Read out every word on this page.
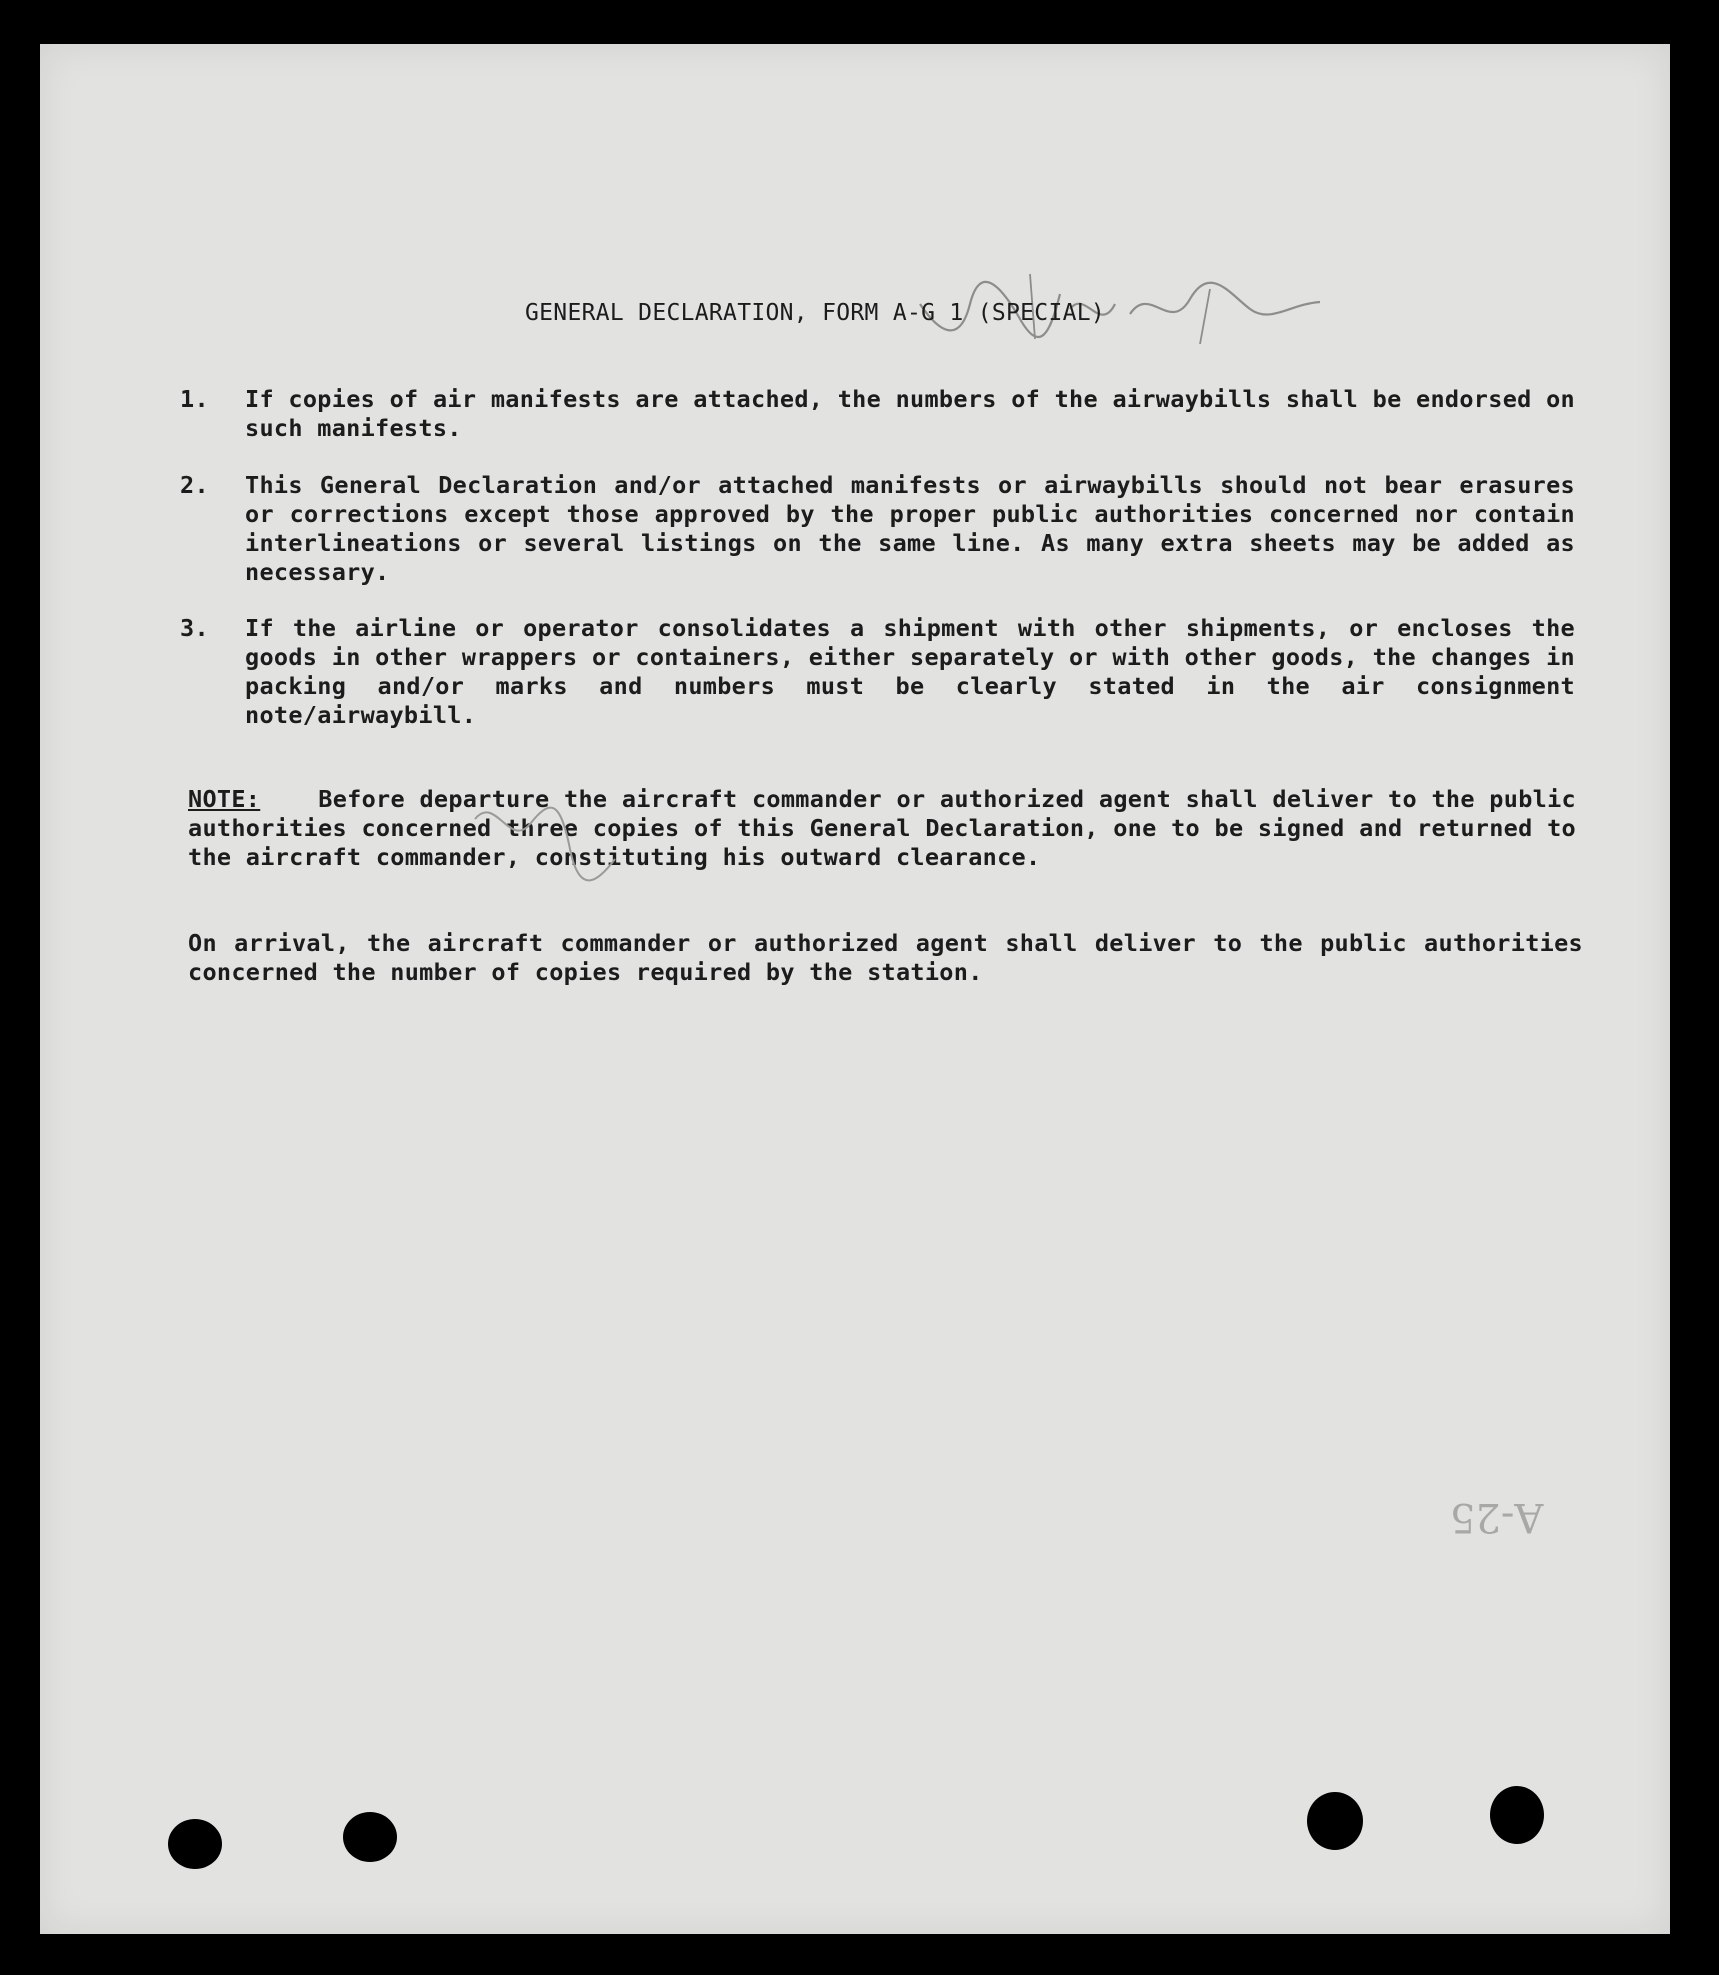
GENERAL DECLARATION, FORM A-G 1 (SPECIAL)
1.	If copies of air manifests are attached, the numbers of the airwaybills shall be endorsed on such manifests.
2.	This General Declaration and/or attached manifests or airwaybills should not bear erasures or corrections except those approved by the proper public authorities concerned nor contain interlineations or several listings on the same line. As many extra sheets may be added as necessary.
3.	If the airline or operator consolidates a shipment with other shipments, or encloses the goods in other wrappers or containers, either separately or with other goods, the changes in packing and/or marks and numbers must be clearly stated in the air consignment note/airwaybill.
NOTE: Before departure the aircraft commander or authorized agent shall deliver to the public authorities concerned three copies of this General Declaration, one to be signed and returned to the aircraft commander, constituting his outward clearance.
On arrival, the aircraft commander or authorized agent shall deliver to the public authorities concerned the number of copies required by the station.
A-25
